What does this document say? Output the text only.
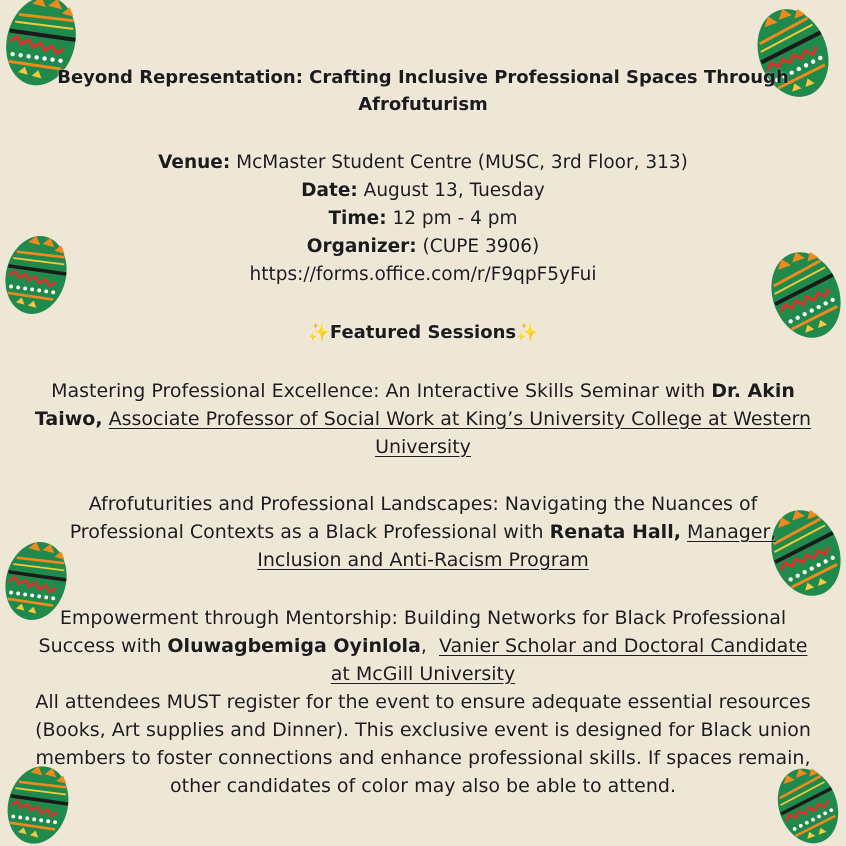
Beyond Representation: Crafting Inclusive Professional Spaces Through Afrofuturism
Venue: McMaster Student Centre (MUSC, 3rd Floor, 313)
Date: August 13, Tuesday
Time: 12 pm - 4 pm
Organizer: (CUPE 3906)
https://forms.office.com/r/F9qpF5yFui
✨Featured Sessions✨
Mastering Professional Excellence: An Interactive Skills Seminar with Dr. Akin Taiwo, Associate Professor of Social Work at King’s University College at Western University
Afrofuturities and Professional Landscapes: Navigating the Nuances of Professional Contexts as a Black Professional with Renata Hall, Manager, Inclusion and Anti-Racism Program
Empowerment through Mentorship: Building Networks for Black Professional Success with Oluwagbemiga Oyinlola,  Vanier Scholar and Doctoral Candidate at McGill University
All attendees MUST register for the event to ensure adequate essential resources (Books, Art supplies and Dinner). This exclusive event is designed for Black union members to foster connections and enhance professional skills. If spaces remain, other candidates of color may also be able to attend.
